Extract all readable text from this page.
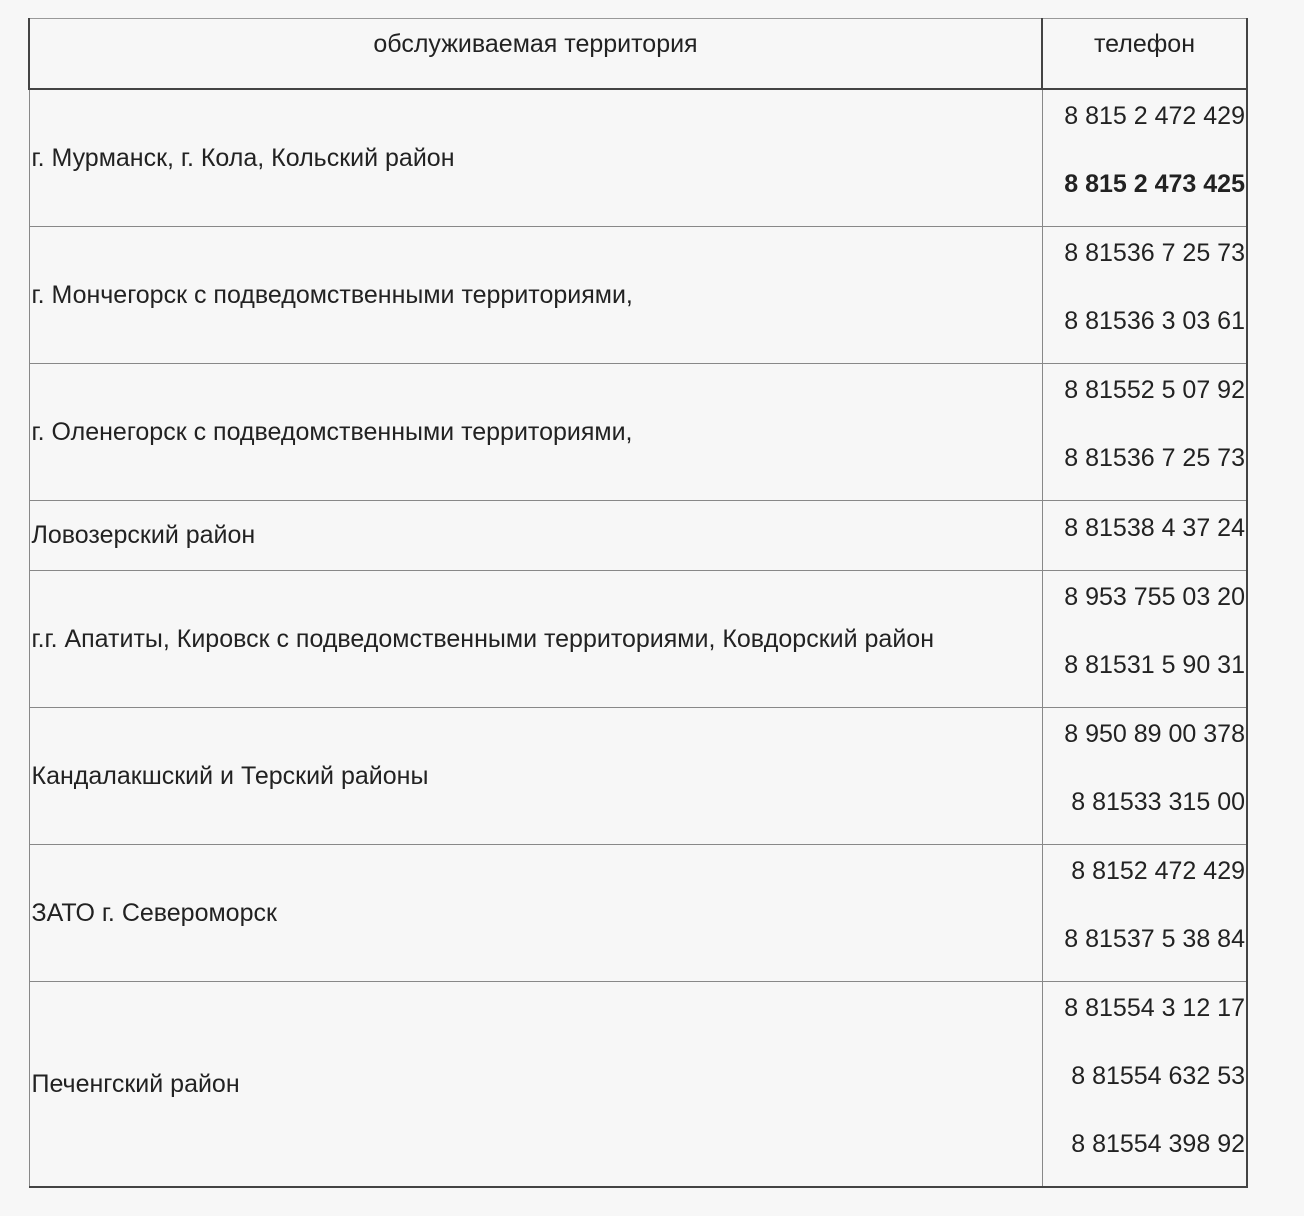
обслуживаемая территория	телефон
г. Мурманск, г. Кола, Кольский район	8 815 2 472 429
8 815 2 473 425

г. Мончегорск с подведомственными территориями,	8 81536 7 25 73
8 81536 3 03 61

г. Оленегорск с подведомственными территориями,	8 81552 5 07 92
8 81536 7 25 73

Ловозерский район	8 81538 4 37 24

г.г. Апатиты, Кировск с подведомственными территориями, Ковдорский район	8 953 755 03 20
8 81531 5 90 31

Кандалакшский и Терский районы	8 950 89 00 378
8 81533 315 00

ЗАТО г. Североморск	8 8152 472 429
8 81537 5 38 84

Печенгский район	8 81554 3 12 17
8 81554 632 53
8 81554 398 92
